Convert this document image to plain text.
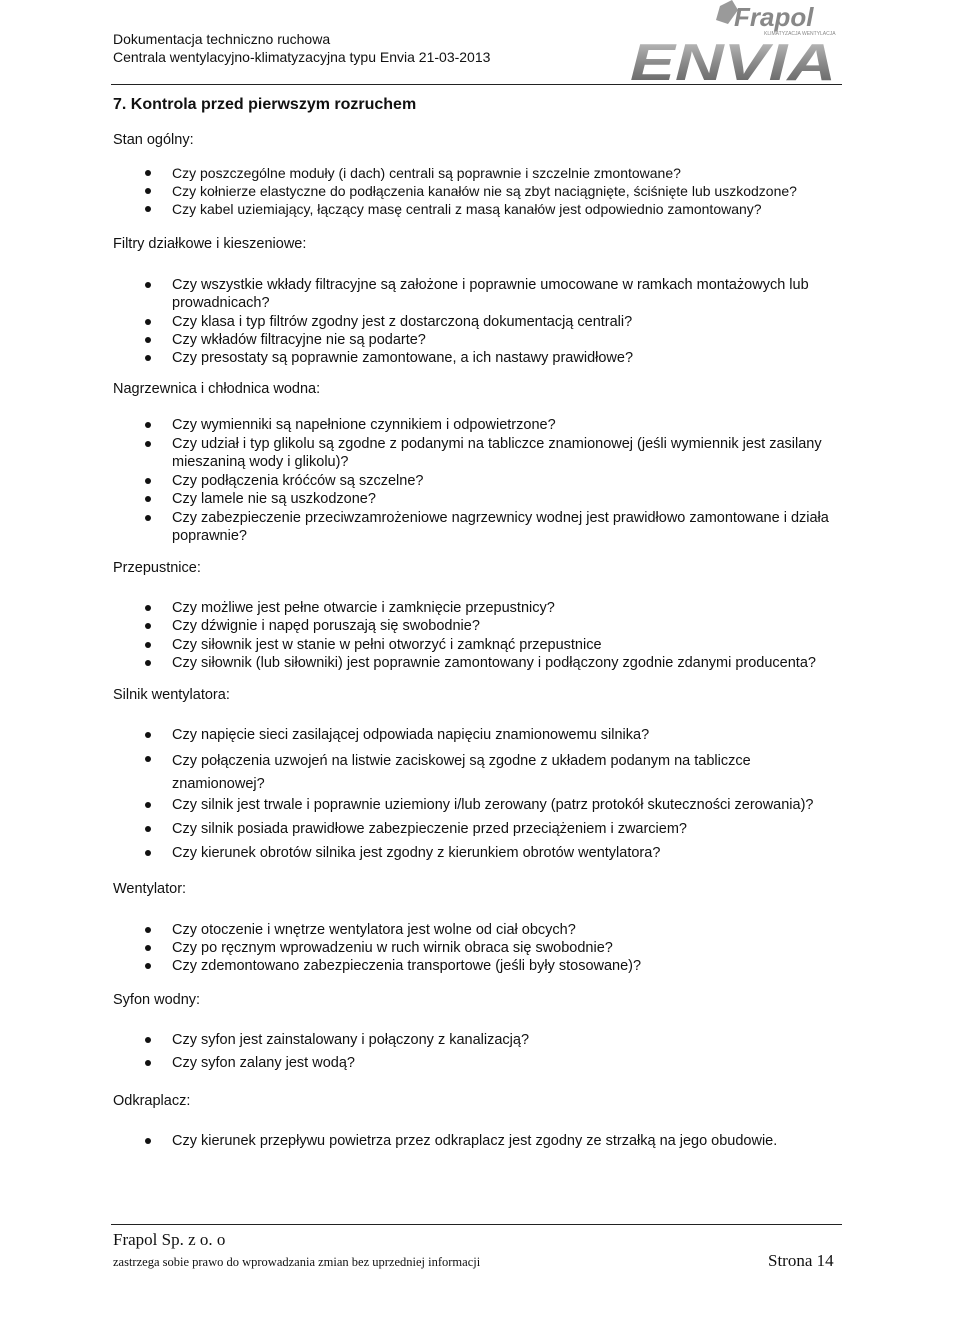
Dokumentacja techniczno ruchowa
Centrala wentylacyjno-klimatyzacyjna typu Envia 21-03-2013
Frapol
KLIMATYZACJA WENTYLACJA
ENVIA
7. Kontrola przed pierwszym rozruchem
Stan ogólny:
Czy poszczególne moduły (i dach) centrali są poprawnie i szczelnie zmontowane?
Czy kołnierze elastyczne do podłączenia kanałów nie są zbyt naciągnięte, ściśnięte lub uszkodzone?
Czy kabel uziemiający, łączący masę centrali z masą kanałów jest odpowiednio zamontowany?
Filtry działkowe i kieszeniowe:
Czy wszystkie wkłady filtracyjne są założone i poprawnie umocowane w ramkach montażowych lub prowadnicach?
Czy klasa i typ filtrów zgodny jest z dostarczoną dokumentacją centrali?
Czy wkładów filtracyjne nie są podarte?
Czy presostaty są poprawnie zamontowane, a ich nastawy prawidłowe?
Nagrzewnica i chłodnica wodna:
Czy wymienniki są napełnione czynnikiem i odpowietrzone?
Czy udział i typ glikolu są zgodne z podanymi na tabliczce znamionowej (jeśli wymiennik jest zasilany mieszaniną wody i glikolu)?
Czy podłączenia króćców są szczelne?
Czy lamele nie są uszkodzone?
Czy zabezpieczenie przeciwzamrożeniowe nagrzewnicy wodnej jest prawidłowo zamontowane i działa poprawnie?
Przepustnice:
Czy możliwe jest pełne otwarcie i zamknięcie przepustnicy?
Czy dźwignie i napęd poruszają się swobodnie?
Czy siłownik jest w stanie w pełni otworzyć i zamknąć przepustnice
Czy siłownik (lub siłowniki) jest poprawnie zamontowany i podłączony zgodnie zdanymi producenta?
Silnik wentylatora:
Czy napięcie sieci zasilającej odpowiada napięciu znamionowemu silnika?
Czy połączenia uzwojeń na listwie zaciskowej są zgodne z układem podanym na tabliczce znamionowej?
Czy silnik jest trwale i poprawnie uziemiony i/lub zerowany (patrz protokół skuteczności zerowania)?
Czy silnik posiada prawidłowe zabezpieczenie przed przeciążeniem i zwarciem?
Czy kierunek obrotów silnika jest zgodny z kierunkiem obrotów wentylatora?
Wentylator:
Czy otoczenie i wnętrze wentylatora jest wolne od ciał obcych?
Czy po ręcznym wprowadzeniu w ruch wirnik obraca się swobodnie?
Czy zdemontowano zabezpieczenia transportowe (jeśli były stosowane)?
Syfon wodny:
Czy syfon jest zainstalowany i połączony z kanalizacją?
Czy syfon zalany jest wodą?
Odkraplacz:
Czy kierunek przepływu powietrza przez odkraplacz jest zgodny ze strzałką na jego obudowie.
Frapol Sp. z o. o
zastrzega sobie prawo do wprowadzania zmian bez uprzedniej informacji	Strona 14
